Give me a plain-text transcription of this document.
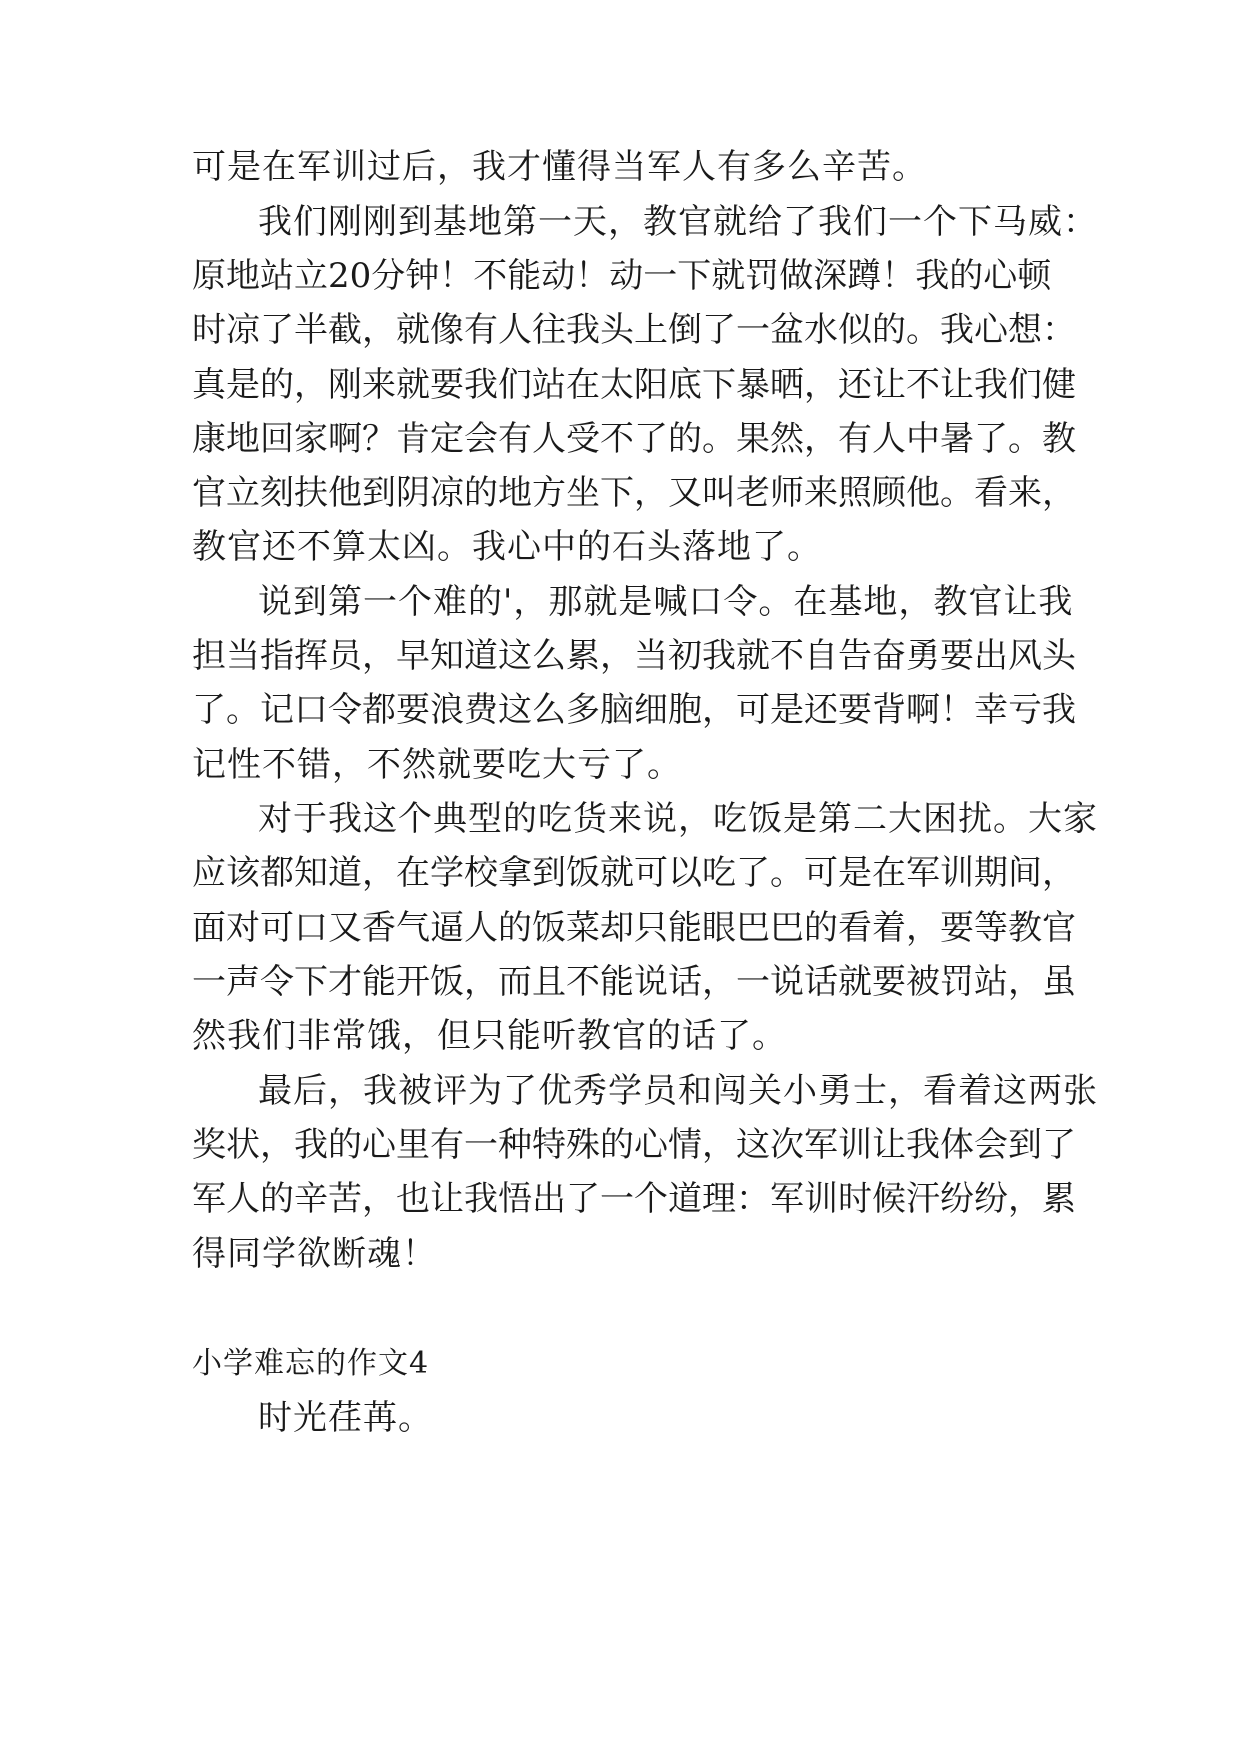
可是在军训过后，我才懂得当军人有多么辛苦。
我们刚刚到基地第一天，教官就给了我们一个下马威：
原地站立20分钟！不能动！动一下就罚做深蹲！我的心顿
时凉了半截，就像有人往我头上倒了一盆水似的。我心想：
真是的，刚来就要我们站在太阳底下暴晒，还让不让我们健
康地回家啊？肯定会有人受不了的。果然，有人中暑了。教
官立刻扶他到阴凉的地方坐下，又叫老师来照顾他。看来，
教官还不算太凶。我心中的石头落地了。
说到第一个难的'，那就是喊口令。在基地，教官让我
担当指挥员，早知道这么累，当初我就不自告奋勇要出风头
了。记口令都要浪费这么多脑细胞，可是还要背啊！幸亏我
记性不错，不然就要吃大亏了。
对于我这个典型的吃货来说，吃饭是第二大困扰。大家
应该都知道，在学校拿到饭就可以吃了。可是在军训期间，
面对可口又香气逼人的饭菜却只能眼巴巴的看着，要等教官
一声令下才能开饭，而且不能说话，一说话就要被罚站，虽
然我们非常饿，但只能听教官的话了。
最后，我被评为了优秀学员和闯关小勇士，看着这两张
奖状，我的心里有一种特殊的心情，这次军训让我体会到了
军人的辛苦，也让我悟出了一个道理：军训时候汗纷纷，累
得同学欲断魂！
小学难忘的作文4
时光荏苒。
